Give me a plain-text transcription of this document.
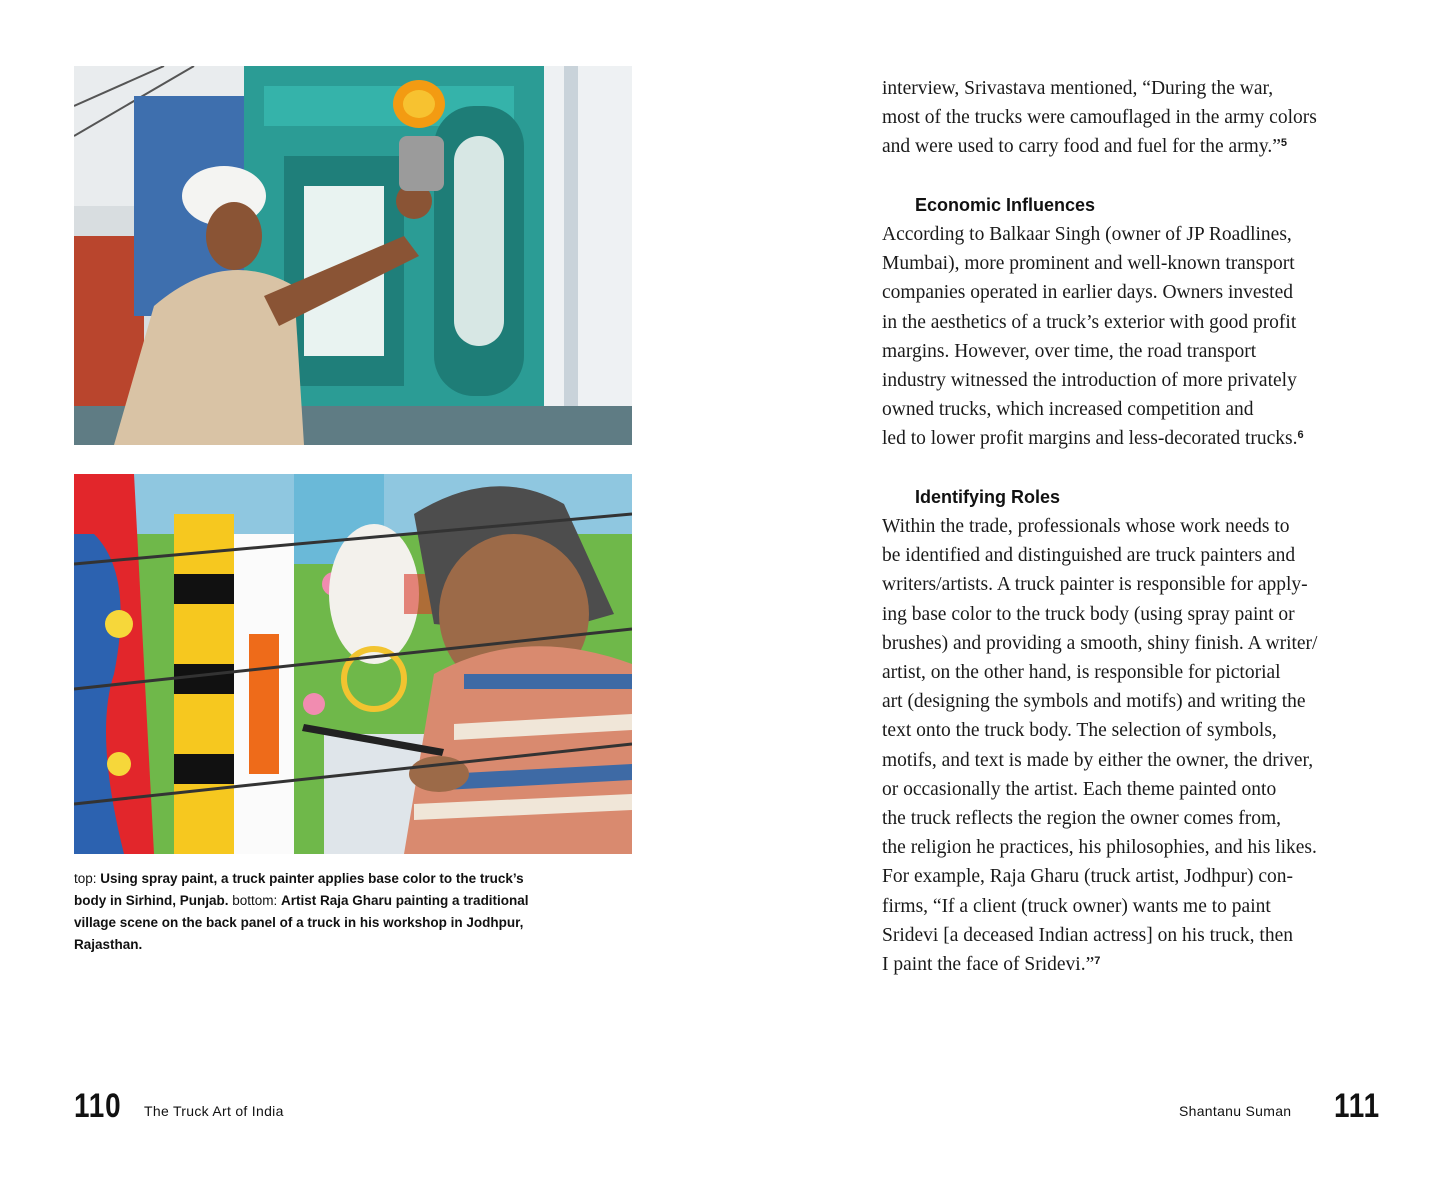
top: Using spray paint, a truck painter applies base color to the truck’s body in Sirhind, Punjab. bottom: Artist Raja Gharu painting a traditional village scene on the back panel of a truck in his workshop in Jodhpur, Rajasthan.

interview, Srivastava mentioned, “During the war,

most of the trucks were camouflaged in the army colors

and were used to carry food and fuel for the army.”$^5$

Economic Influences

According to Balkaar Singh (owner of JP Roadlines,

Mumbai), more prominent and well-known transport

companies operated in earlier days. Owners invested

in the aesthetics of a truck’s exterior with good profit

margins. However, over time, the road transport

industry witnessed the introduction of more privately

owned trucks, which increased competition and

led to lower profit margins and less-decorated trucks.$^6$

Identifying Roles

Within the trade, professionals whose work needs to

be identified and distinguished are truck painters and

writers/artists. A truck painter is responsible for apply-

ing base color to the truck body (using spray paint or

brushes) and providing a smooth, shiny finish. A writer/

artist, on the other hand, is responsible for pictorial

art (designing the symbols and motifs) and writing the

text onto the truck body. The selection of symbols,

motifs, and text is made by either the owner, the driver,

or occasionally the artist. Each theme painted onto

the truck reflects the region the owner comes from,

the religion he practices, his philosophies, and his likes.

For example, Raja Gharu (truck artist, Jodhpur) con-

firms, “If a client (truck owner) wants me to paint

Sridevi [a deceased Indian actress] on his truck, then

I paint the face of Sridevi.”$^7$

110 The Truck Art of India	Shantanu Suman 111
